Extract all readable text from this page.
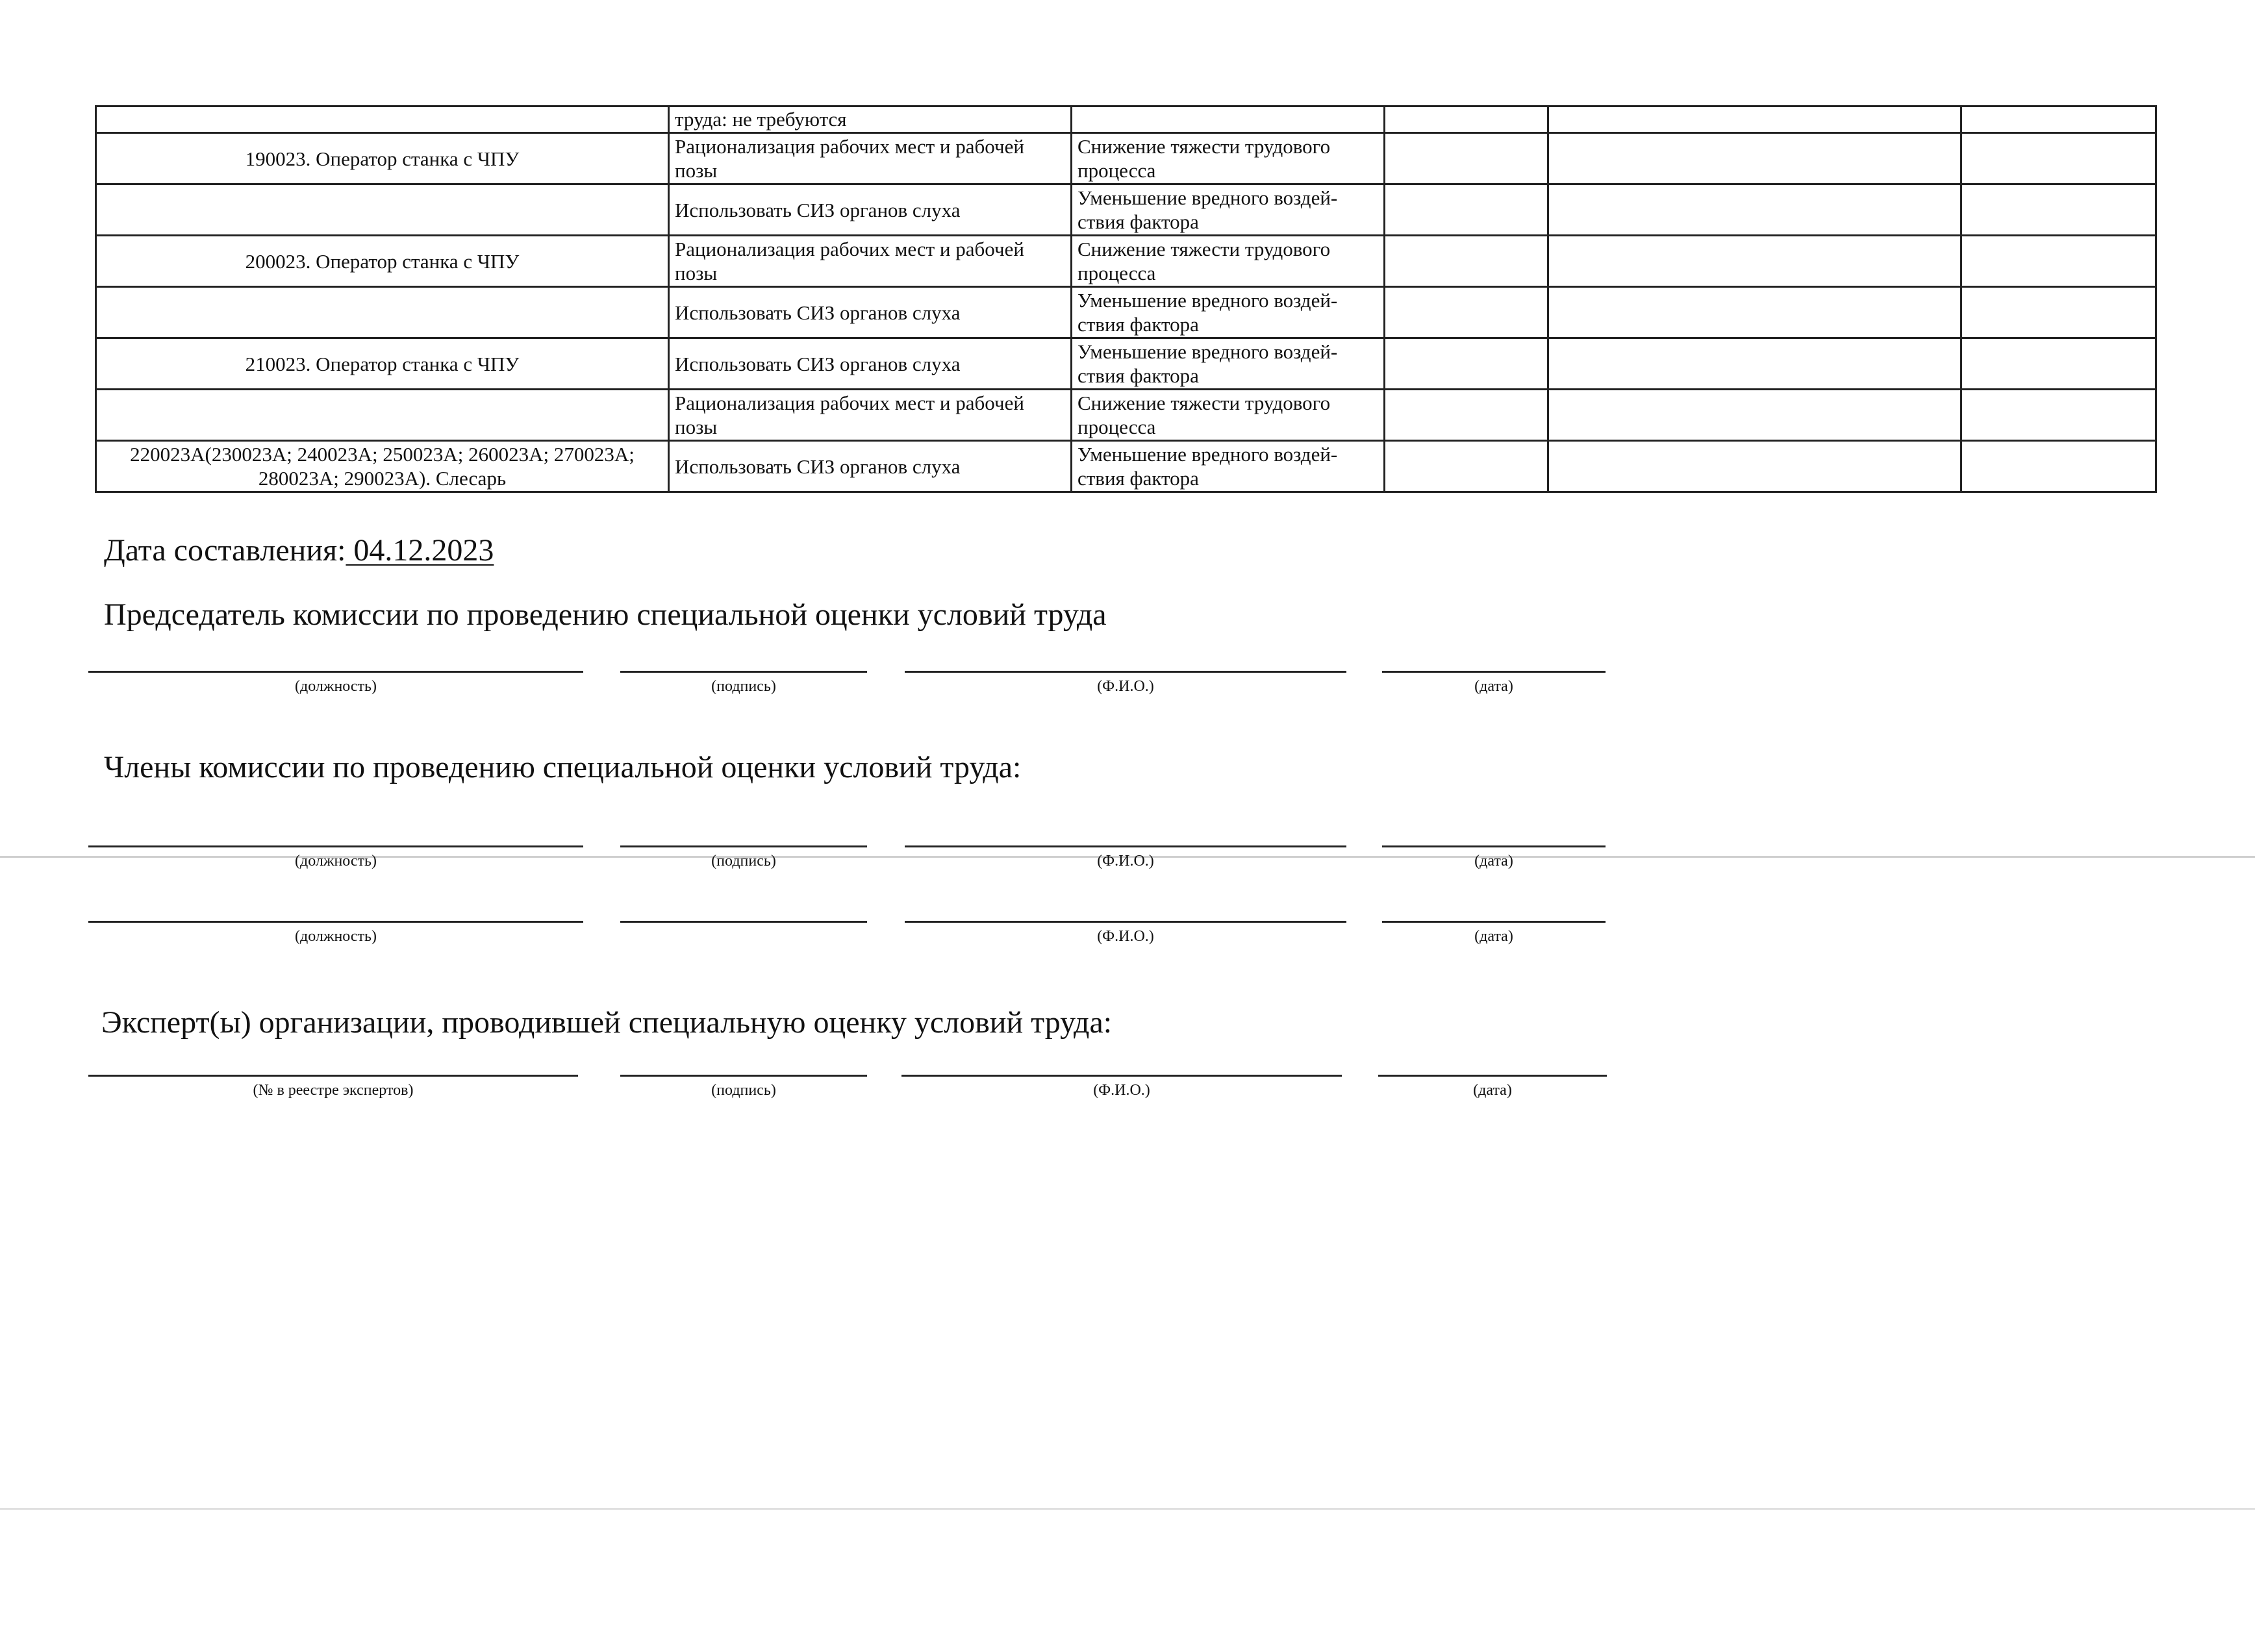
	труда: не требуются				
190023. Оператор станка с ЧПУ	Рационализация рабочих мест и рабочей позы	Снижение тяжести трудового процесса			
	Использовать СИЗ органов слуха	Уменьшение вредного воздей-ствия фактора			
200023. Оператор станка с ЧПУ	Рационализация рабочих мест и рабочей позы	Снижение тяжести трудового процесса			
	Использовать СИЗ органов слуха	Уменьшение вредного воздей-ствия фактора			
210023. Оператор станка с ЧПУ	Использовать СИЗ органов слуха	Уменьшение вредного воздей-ствия фактора			
	Рационализация рабочих мест и рабочей позы	Снижение тяжести трудового процесса			
220023А(230023А; 240023А; 250023А; 260023А; 270023А; 280023А; 290023А). Слесарь	Использовать СИЗ органов слуха	Уменьшение вредного воздей-ствия фактора			
Дата составления: 04.12.2023
Председатель комиссии по проведению специальной оценки условий труда
(должность)	(подпись)	(Ф.И.О.)	(дата)
Члены комиссии по проведению специальной оценки условий труда:
(должность)	(подпись)	(Ф.И.О.)	(дата)
(должность)	(Ф.И.О.)	(дата)
Эксперт(ы) организации, проводившей специальную оценку условий труда:
(№ в реестре экспертов)	(подпись)	(Ф.И.О.)	(дата)
